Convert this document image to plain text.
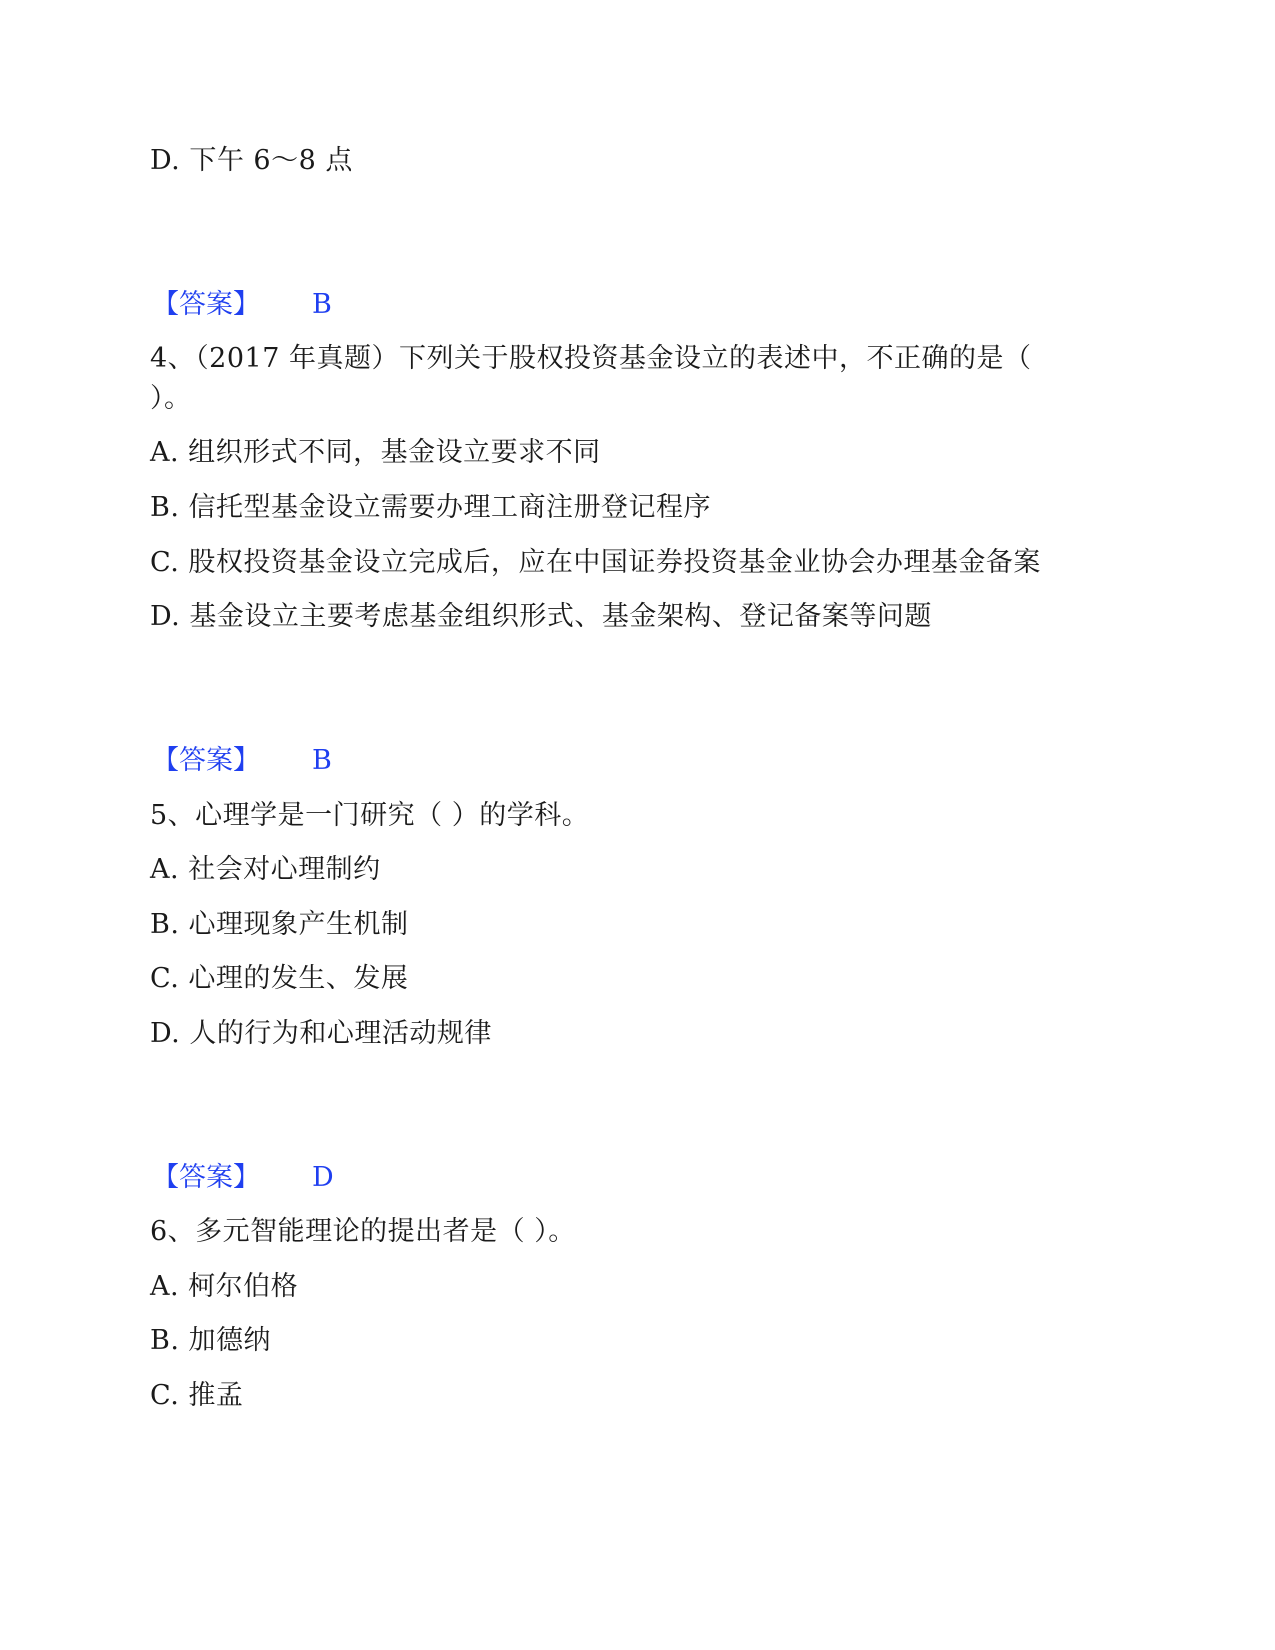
D. 下午 6～8 点
【答案】 B
4、（2017 年真题）下列关于股权投资基金设立的表述中，不正确的是（
）。
A. 组织形式不同，基金设立要求不同
B. 信托型基金设立需要办理工商注册登记程序
C. 股权投资基金设立完成后，应在中国证券投资基金业协会办理基金备案
D. 基金设立主要考虑基金组织形式、基金架构、登记备案等问题
【答案】 B
5、心理学是一门研究（ ）的学科。
A. 社会对心理制约
B. 心理现象产生机制
C. 心理的发生、发展
D. 人的行为和心理活动规律
【答案】 D
6、多元智能理论的提出者是（ ）。
A. 柯尔伯格
B. 加德纳
C. 推孟
